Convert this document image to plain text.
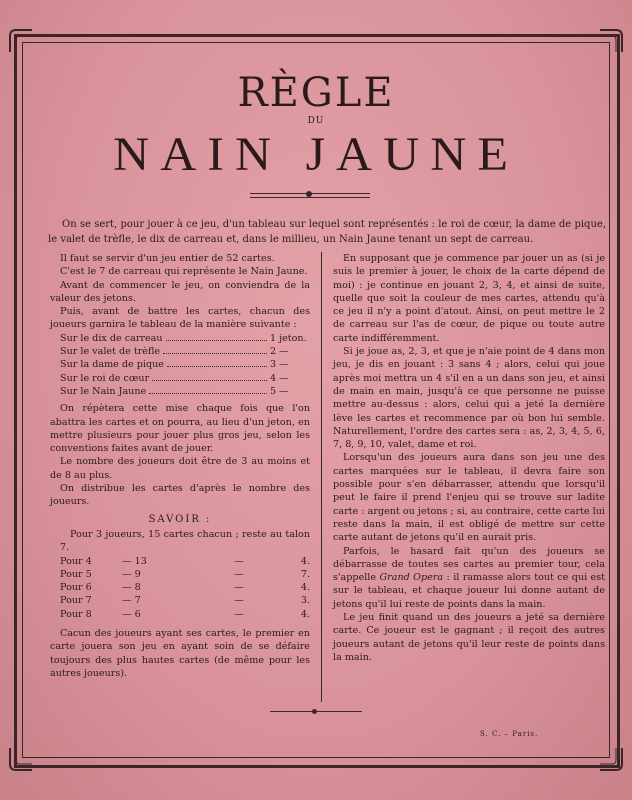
RÈGLE
DU
NAIN JAUNE
On se sert, pour jouer à ce jeu, d'un tableau sur lequel sont représentés : le roi de cœur, la dame de pique, le valet de trèfle, le dix de carreau et, dans le millieu, un Nain Jaune tenant un sept de carreau.

Il faut se servir d'un jeu entier de 52 cartes.

C'est le 7 de carreau qui représente le Nain Jaune.

Avant de commencer le jeu, on conviendra de la valeur des jetons.

Puis, avant de battre les cartes, chacun des joueurs garnira le tableau de la manière suivante :

Sur le dix de carreau	1 jeton.
Sur le valet de trèfle	2 —
Sur la dame de pique	3 —
Sur le roi de cœur	4 —
Sur le Nain Jaune	5 —

On répètera cette mise chaque fois que l'on abattra les cartes et on pourra, au lieu d'un jeton, en mettre plusieurs pour jouer plus gros jeu, selon les conventions faites avant de jouer.

Le nombre des joueurs doit être de 3 au moins et de 8 au plus.

On distribue les cartes d'après le nombre des joueurs.

SAVOIR :

Pour 3 joueurs, 15 cartes chacun ; reste au talon 7.

Pour 4	— 13	—	4.
Pour 5	— 9	—	7.
Pour 6	— 8	—	4.
Pour 7	— 7	—	3.
Pour 8	— 6	—	4.

Cacun des joueurs ayant ses cartes, le premier en carte jouera son jeu en ayant soin de se défaire toujours des plus hautes cartes (de même pour les autres joueurs).

En supposant que je commence par jouer un as (si je suis le premier à jouer, le choix de la carte dépend de moi) : je continue en jouant 2, 3, 4, et ainsi de suite, quelle que soit la couleur de mes cartes, attendu qu'à ce jeu il n'y a point d'atout. Ainsi, on peut mettre le 2 de carreau sur l'as de cœur, de pique ou toute autre carte indifféremment.

Si je joue as, 2, 3, et que je n'aie point de 4 dans mon jeu, je dis en jouant : 3 sans 4 ; alors, celui qui joue après moi mettra un 4 s'il en a un dans son jeu, et ainsi de main en main, jusqu'à ce que personne ne puisse mettre au-dessus : alors, celui qui a jeté la dernière lève les cartes et recommence par où bon lui semble. Naturellement, l'ordre des cartes sera : as, 2, 3, 4, 5, 6, 7, 8, 9, 10, valet, dame et roi.

Lorsqu'un des joueurs aura dans son jeu une des cartes marquées sur le tableau, il devra faire son possible pour s'en débarrasser, attendu que lorsqu'il peut le faire il prend l'enjeu qui se trouve sur ladite carte : argent ou jetons ; si, au contraire, cette carte lui reste dans la main, il est obligé de mettre sur cette carte autant de jetons qu'il en aurait pris.

Parfois, le hasard fait qu'un des joueurs se débarrasse de toutes ses cartes au premier tour, cela s'appelle Grand Opera : il ramasse alors tout ce qui est sur le tableau, et chaque joueur lui donne autant de jetons qu'il lui reste de points dans la main.

Le jeu finit quand un des joueurs a jeté sa dernière carte. Ce joueur est le gagnant ; il reçoit des autres joueurs autant de jetons qu'il leur reste de points dans la main.

S. C. – Paris.
